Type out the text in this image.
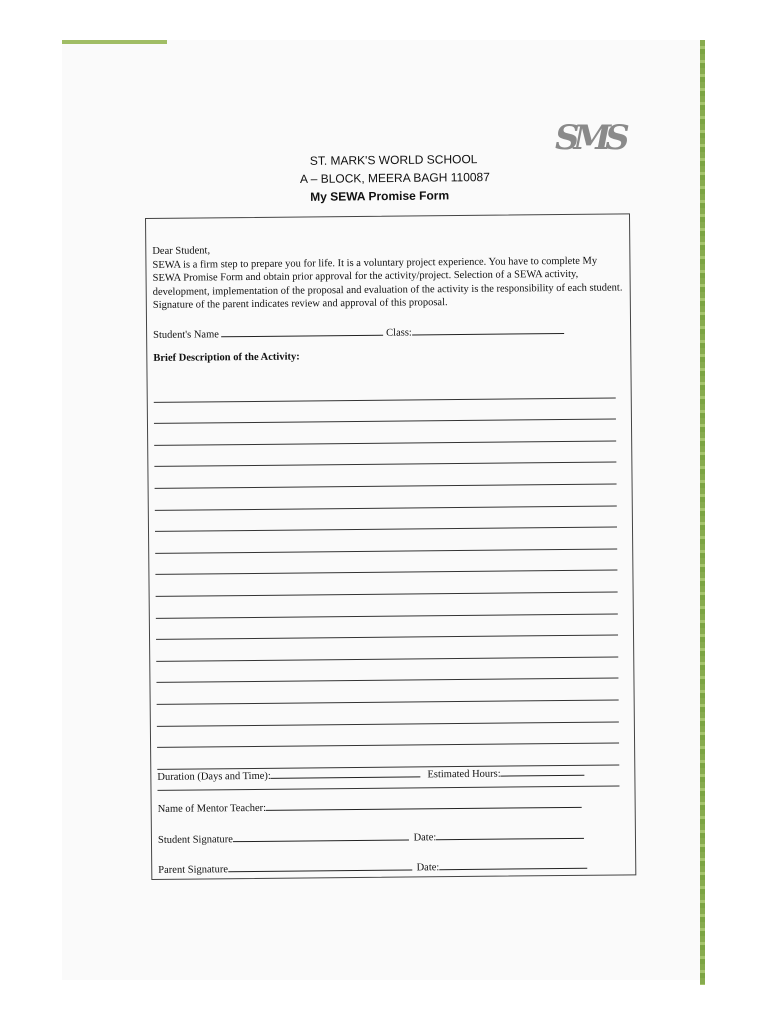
SMS
ST. MARK'S WORLD SCHOOL
A – BLOCK, MEERA BAGH 110087
My SEWA Promise Form

Dear Student,

SEWA is a firm step to prepare you for life. It is a voluntary project experience. You have to complete My SEWA Promise Form and obtain prior approval for the activity/project. Selection of a SEWA activity, development, implementation of the proposal and evaluation of the activity is the responsibility of each student. Signature of the parent indicates review and approval of this proposal.

Student's Name	Class:
Brief Description of the Activity:
Duration (Days and Time):	Estimated Hours:
Name of Mentor Teacher:
Student Signature	Date:
Parent Signature	Date:
